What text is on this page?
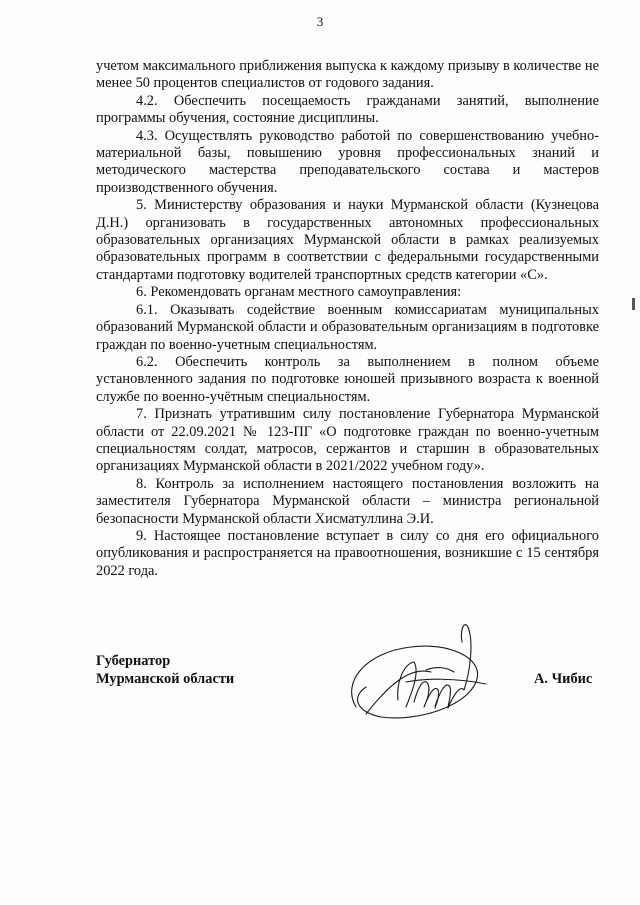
3

учетом максимального приближения выпуска к каждому призыву в количестве не менее 50 процентов специалистов от годового задания.

4.2. Обеспечить посещаемость гражданами занятий, выполнение программы обучения, состояние дисциплины.

4.3. Осуществлять руководство работой по совершенствованию учебно-материальной базы, повышению уровня профессиональных знаний и методического мастерства преподавательского состава и мастеров производственного обучения.

5. Министерству образования и науки Мурманской области (Кузнецова Д.Н.) организовать в государственных автономных профессиональных образовательных организациях Мурманской области в рамках реализуемых образовательных программ в соответствии с федеральными государственными стандартами подготовку водителей транспортных средств категории «С».

6. Рекомендовать органам местного самоуправления:

6.1. Оказывать содействие военным комиссариатам муниципальных образований Мурманской области и образовательным организациям в подготовке граждан по военно-учетным специальностям.

6.2. Обеспечить контроль за выполнением в полном объеме установленного задания по подготовке юношей призывного возраста к военной службе по военно-учётным специальностям.

7. Признать утратившим силу постановление Губернатора Мурманской области от 22.09.2021 № 123-ПГ «О подготовке граждан по военно-учетным специальностям солдат, матросов, сержантов и старшин в образовательных организациях Мурманской области в 2021/2022 учебном году».

8. Контроль за исполнением настоящего постановления возложить на заместителя Губернатора Мурманской области – министра региональной безопасности Мурманской области Хисматуллина Э.И.

9. Настоящее постановление вступает в силу со дня его официального опубликования и распространяется на правоотношения, возникшие с 15 сентября 2022 года.

Губернатор
Мурманской области	А. Чибис
